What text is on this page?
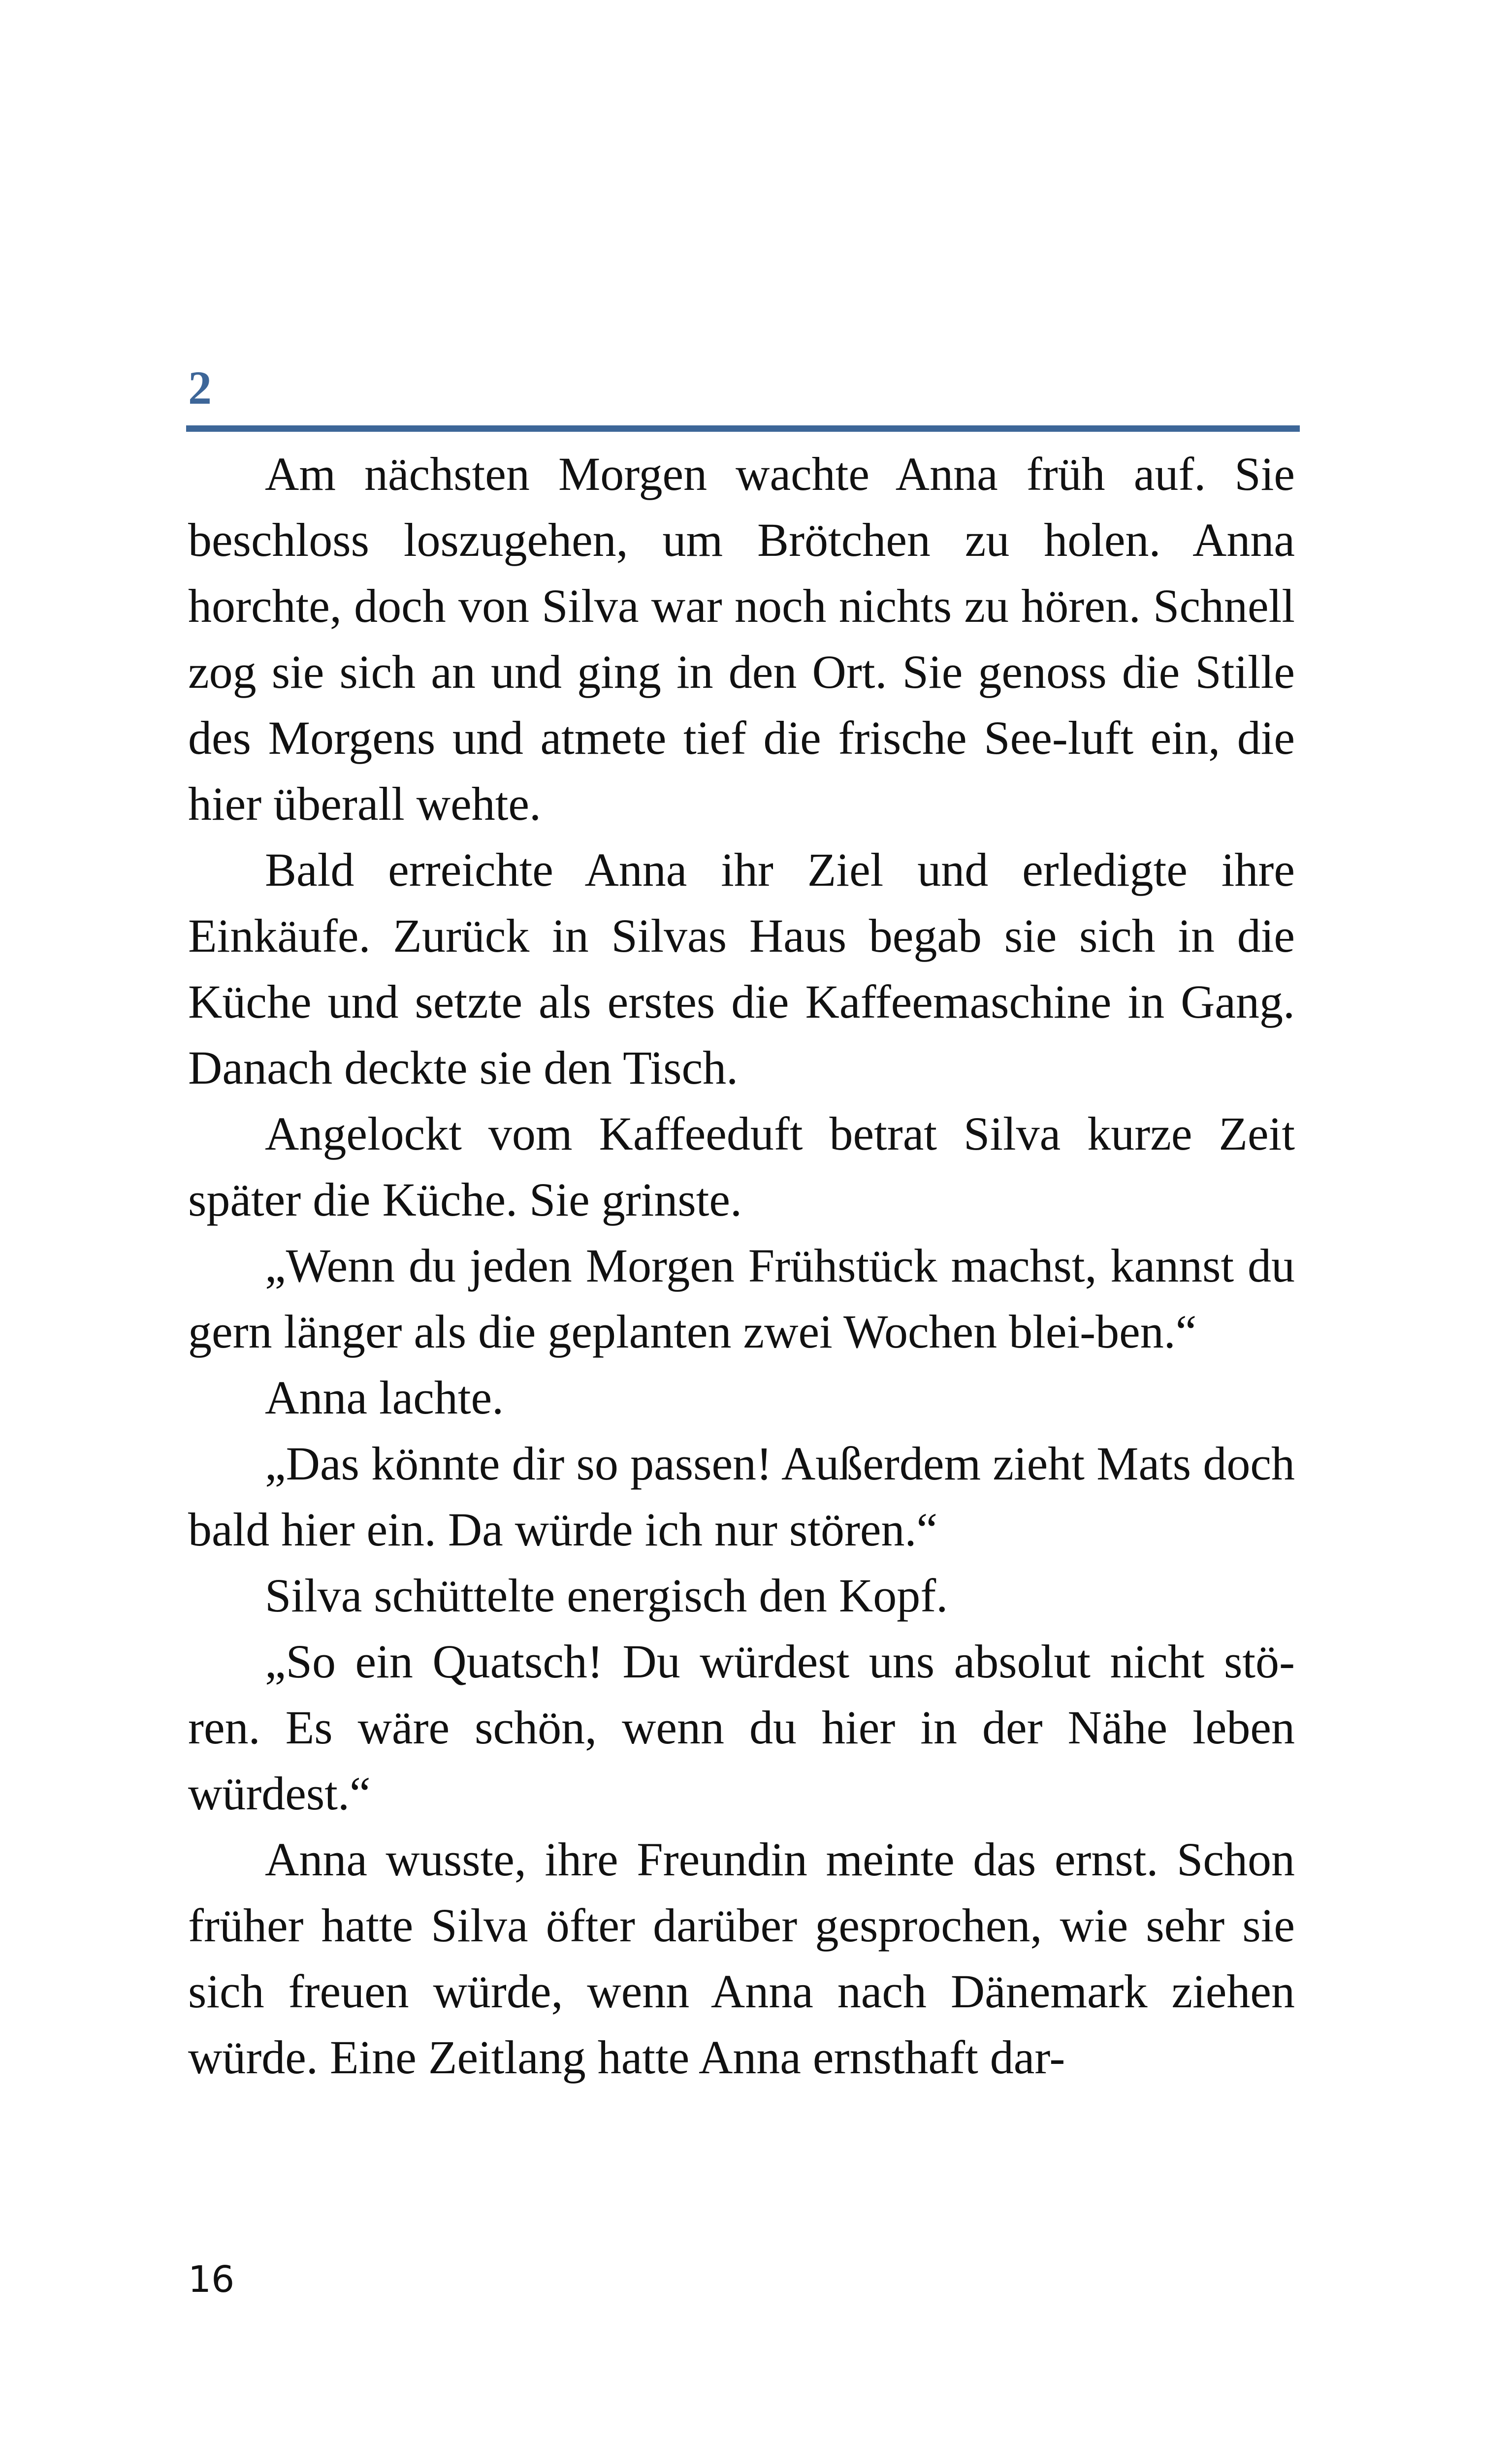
2

Am nächsten Morgen wachte Anna früh auf. Sie beschloss loszugehen, um Brötchen zu holen. Anna horchte, doch von Silva war noch nichts zu hören. Schnell zog sie sich an und ging in den Ort. Sie genoss die Stille des Morgens und atmete tief die frische See-luft ein, die hier überall wehte.

Bald erreichte Anna ihr Ziel und erledigte ihre Einkäufe. Zurück in Silvas Haus begab sie sich in die Küche und setzte als erstes die Kaffeemaschine in Gang. Danach deckte sie den Tisch.

Angelockt vom Kaffeeduft betrat Silva kurze Zeit später die Küche. Sie grinste.

„Wenn du jeden Morgen Frühstück machst, kannst du gern länger als die geplanten zwei Wochen blei-ben.“

Anna lachte.

„Das könnte dir so passen! Außerdem zieht Mats doch bald hier ein. Da würde ich nur stören.“

Silva schüttelte energisch den Kopf.

„So ein Quatsch! Du würdest uns absolut nicht stö-ren. Es wäre schön, wenn du hier in der Nähe leben würdest.“

Anna wusste, ihre Freundin meinte das ernst. Schon früher hatte Silva öfter darüber gesprochen, wie sehr sie sich freuen würde, wenn Anna nach Dänemark ziehen würde. Eine Zeitlang hatte Anna ernsthaft dar-

16
